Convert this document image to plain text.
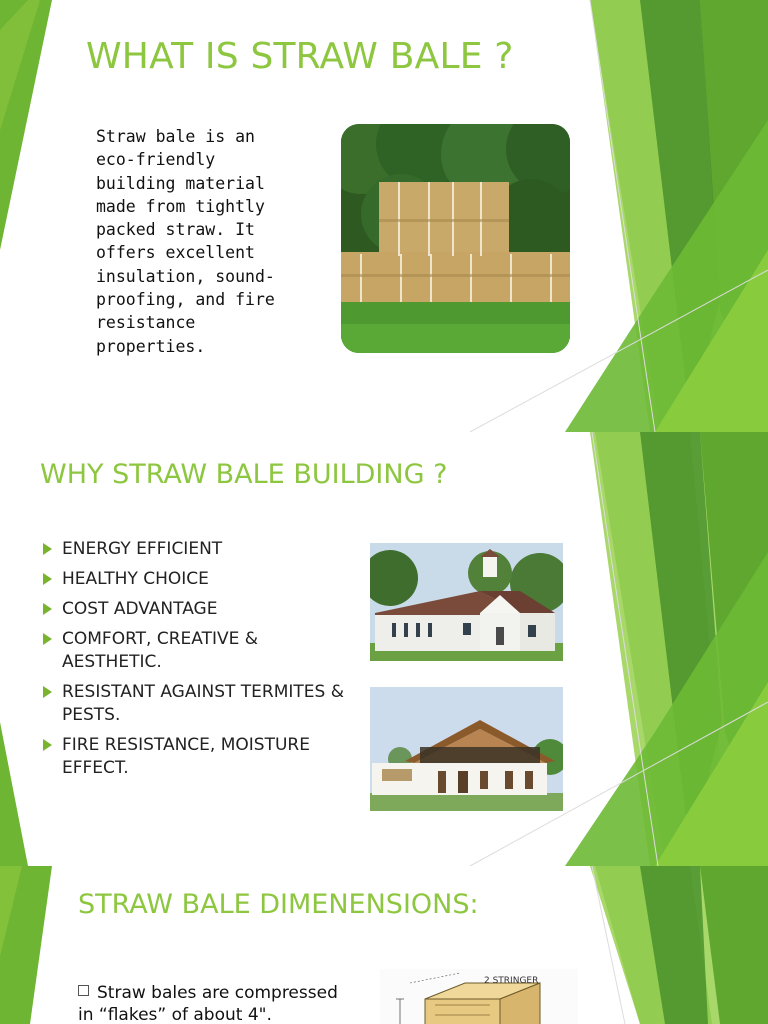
WHAT IS STRAW BALE ?

Straw bale is an eco-friendly building material made from tightly packed straw. It offers excellent insulation, sound-proofing, and fire resistance properties.

WHY STRAW BALE BUILDING ?
ENERGY EFFICIENT
HEALTHY CHOICE
COST ADVANTAGE
COMFORT, CREATIVE & AESTHETIC.
RESISTANT AGAINST TERMITES & PESTS.
FIRE RESISTANCE, MOISTURE EFFECT.
STRAW BALE DIMENENSIONS:

Straw bales are compressed in “flakes” of about 4".

2 STRINGER
